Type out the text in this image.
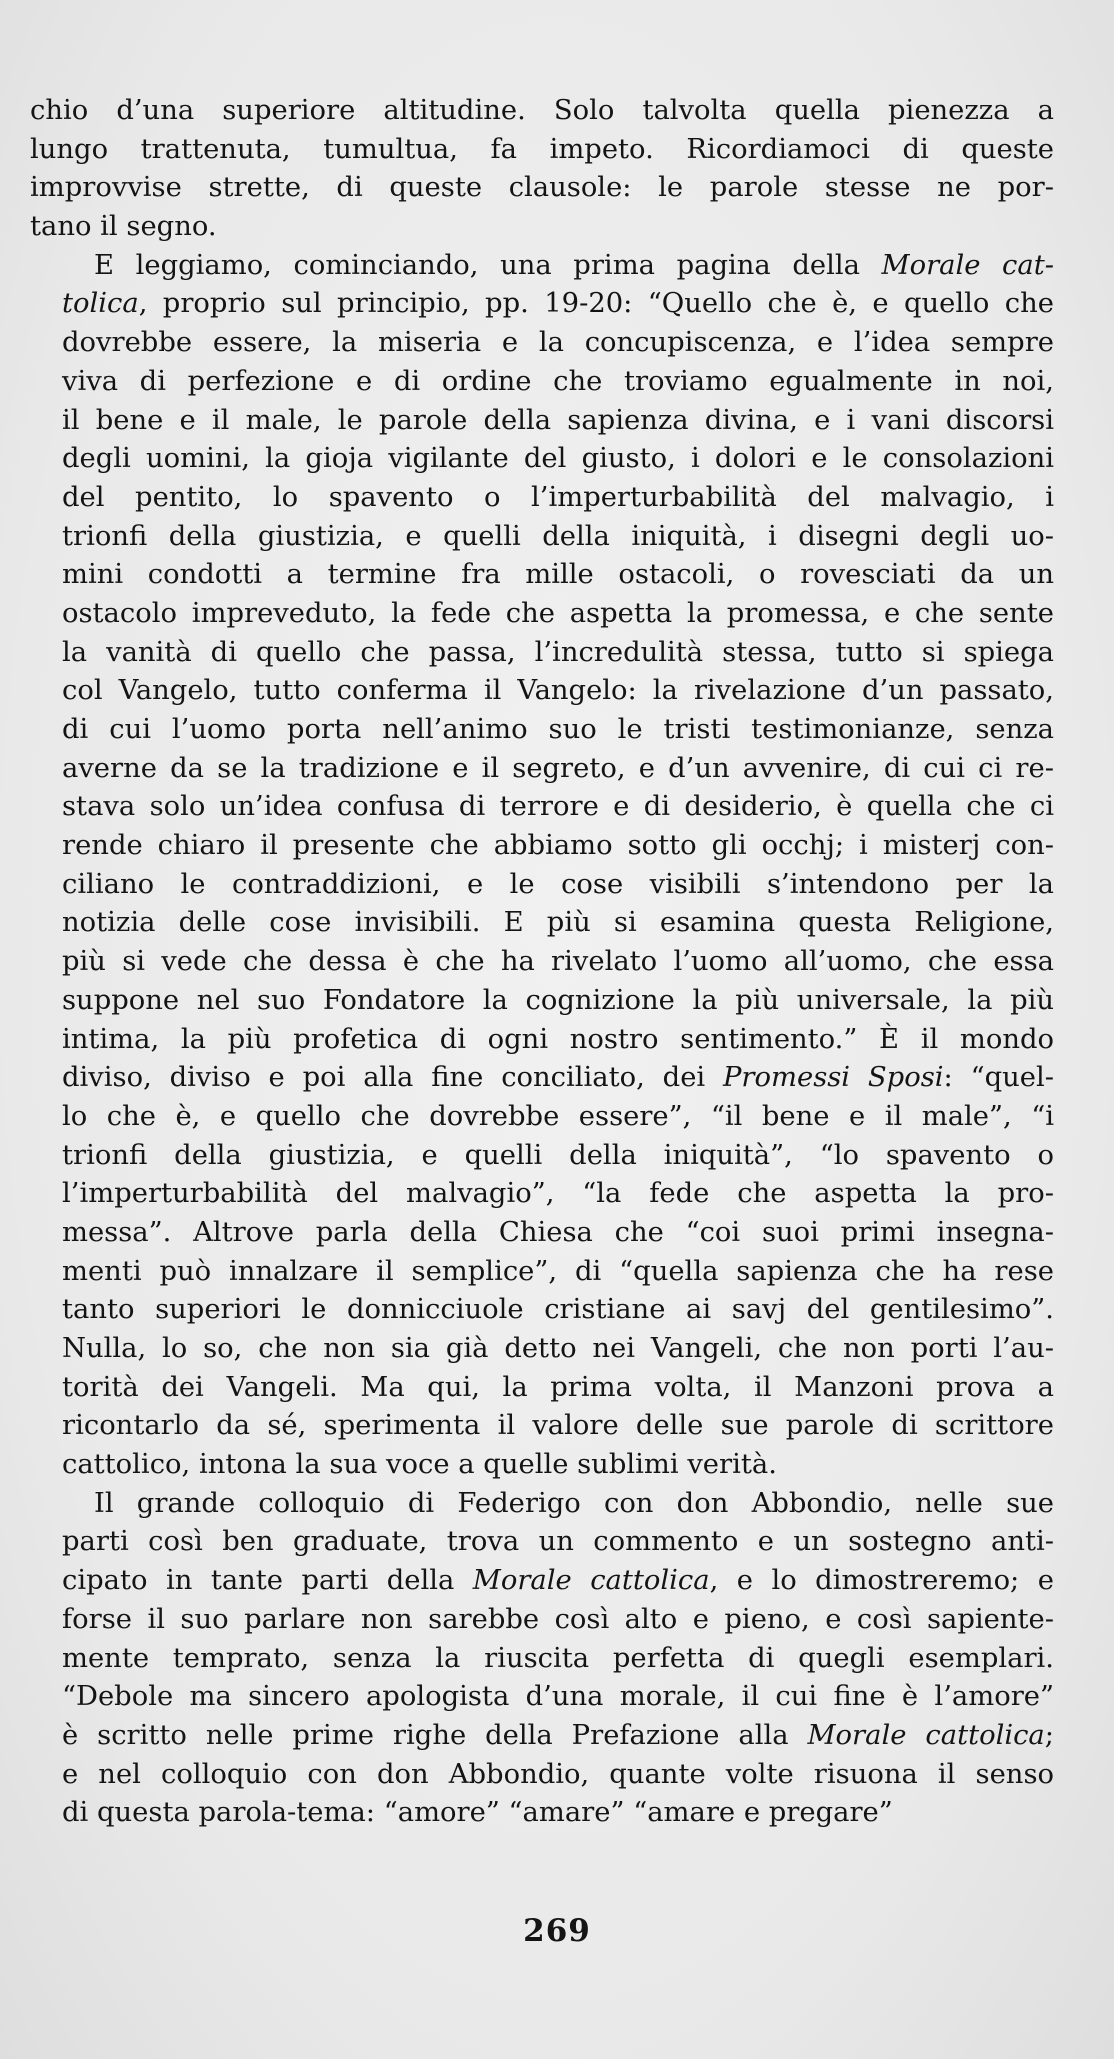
chio d’una superiore altitudine. Solo talvolta quella pienezza a
lungo trattenuta, tumultua, fa impeto. Ricordiamoci di queste
improvvise strette, di queste clausole: le parole stesse ne por-
tano il segno.
E leggiamo, cominciando, una prima pagina della Morale cat-
tolica, proprio sul principio, pp. 19-20: “Quello che è, e quello che
dovrebbe essere, la miseria e la concupiscenza, e l’idea sempre
viva di perfezione e di ordine che troviamo egualmente in noi,
il bene e il male, le parole della sapienza divina, e i vani discorsi
degli uomini, la gioja vigilante del giusto, i dolori e le consolazioni
del pentito, lo spavento o l’imperturbabilità del malvagio, i
trionfi della giustizia, e quelli della iniquità, i disegni degli uo-
mini condotti a termine fra mille ostacoli, o rovesciati da un
ostacolo impreveduto, la fede che aspetta la promessa, e che sente
la vanità di quello che passa, l’incredulità stessa, tutto si spiega
col Vangelo, tutto conferma il Vangelo: la rivelazione d’un passato,
di cui l’uomo porta nell’animo suo le tristi testimonianze, senza
averne da se la tradizione e il segreto, e d’un avvenire, di cui ci re-
stava solo un’idea confusa di terrore e di desiderio, è quella che ci
rende chiaro il presente che abbiamo sotto gli occhj; i misterj con-
ciliano le contraddizioni, e le cose visibili s’intendono per la
notizia delle cose invisibili. E più si esamina questa Religione,
più si vede che dessa è che ha rivelato l’uomo all’uomo, che essa
suppone nel suo Fondatore la cognizione la più universale, la più
intima, la più profetica di ogni nostro sentimento.” È il mondo
diviso, diviso e poi alla fine conciliato, dei Promessi Sposi: “quel-
lo che è, e quello che dovrebbe essere”, “il bene e il male”, “i
trionfi della giustizia, e quelli della iniquità”, “lo spavento o
l’imperturbabilità del malvagio”, “la fede che aspetta la pro-
messa”. Altrove parla della Chiesa che “coi suoi primi insegna-
menti può innalzare il semplice”, di “quella sapienza che ha rese
tanto superiori le donnicciuole cristiane ai savj del gentilesimo”.
Nulla, lo so, che non sia già detto nei Vangeli, che non porti l’au-
torità dei Vangeli. Ma qui, la prima volta, il Manzoni prova a
ricontarlo da sé, sperimenta il valore delle sue parole di scrittore
cattolico, intona la sua voce a quelle sublimi verità.
Il grande colloquio di Federigo con don Abbondio, nelle sue
parti così ben graduate, trova un commento e un sostegno anti-
cipato in tante parti della Morale cattolica, e lo dimostreremo; e
forse il suo parlare non sarebbe così alto e pieno, e così sapiente-
mente temprato, senza la riuscita perfetta di quegli esemplari.
“Debole ma sincero apologista d’una morale, il cui fine è l’amore”
è scritto nelle prime righe della Prefazione alla Morale cattolica;
e nel colloquio con don Abbondio, quante volte risuona il senso
di questa parola-tema: “amore” “amare” “amare e pregare”
269
